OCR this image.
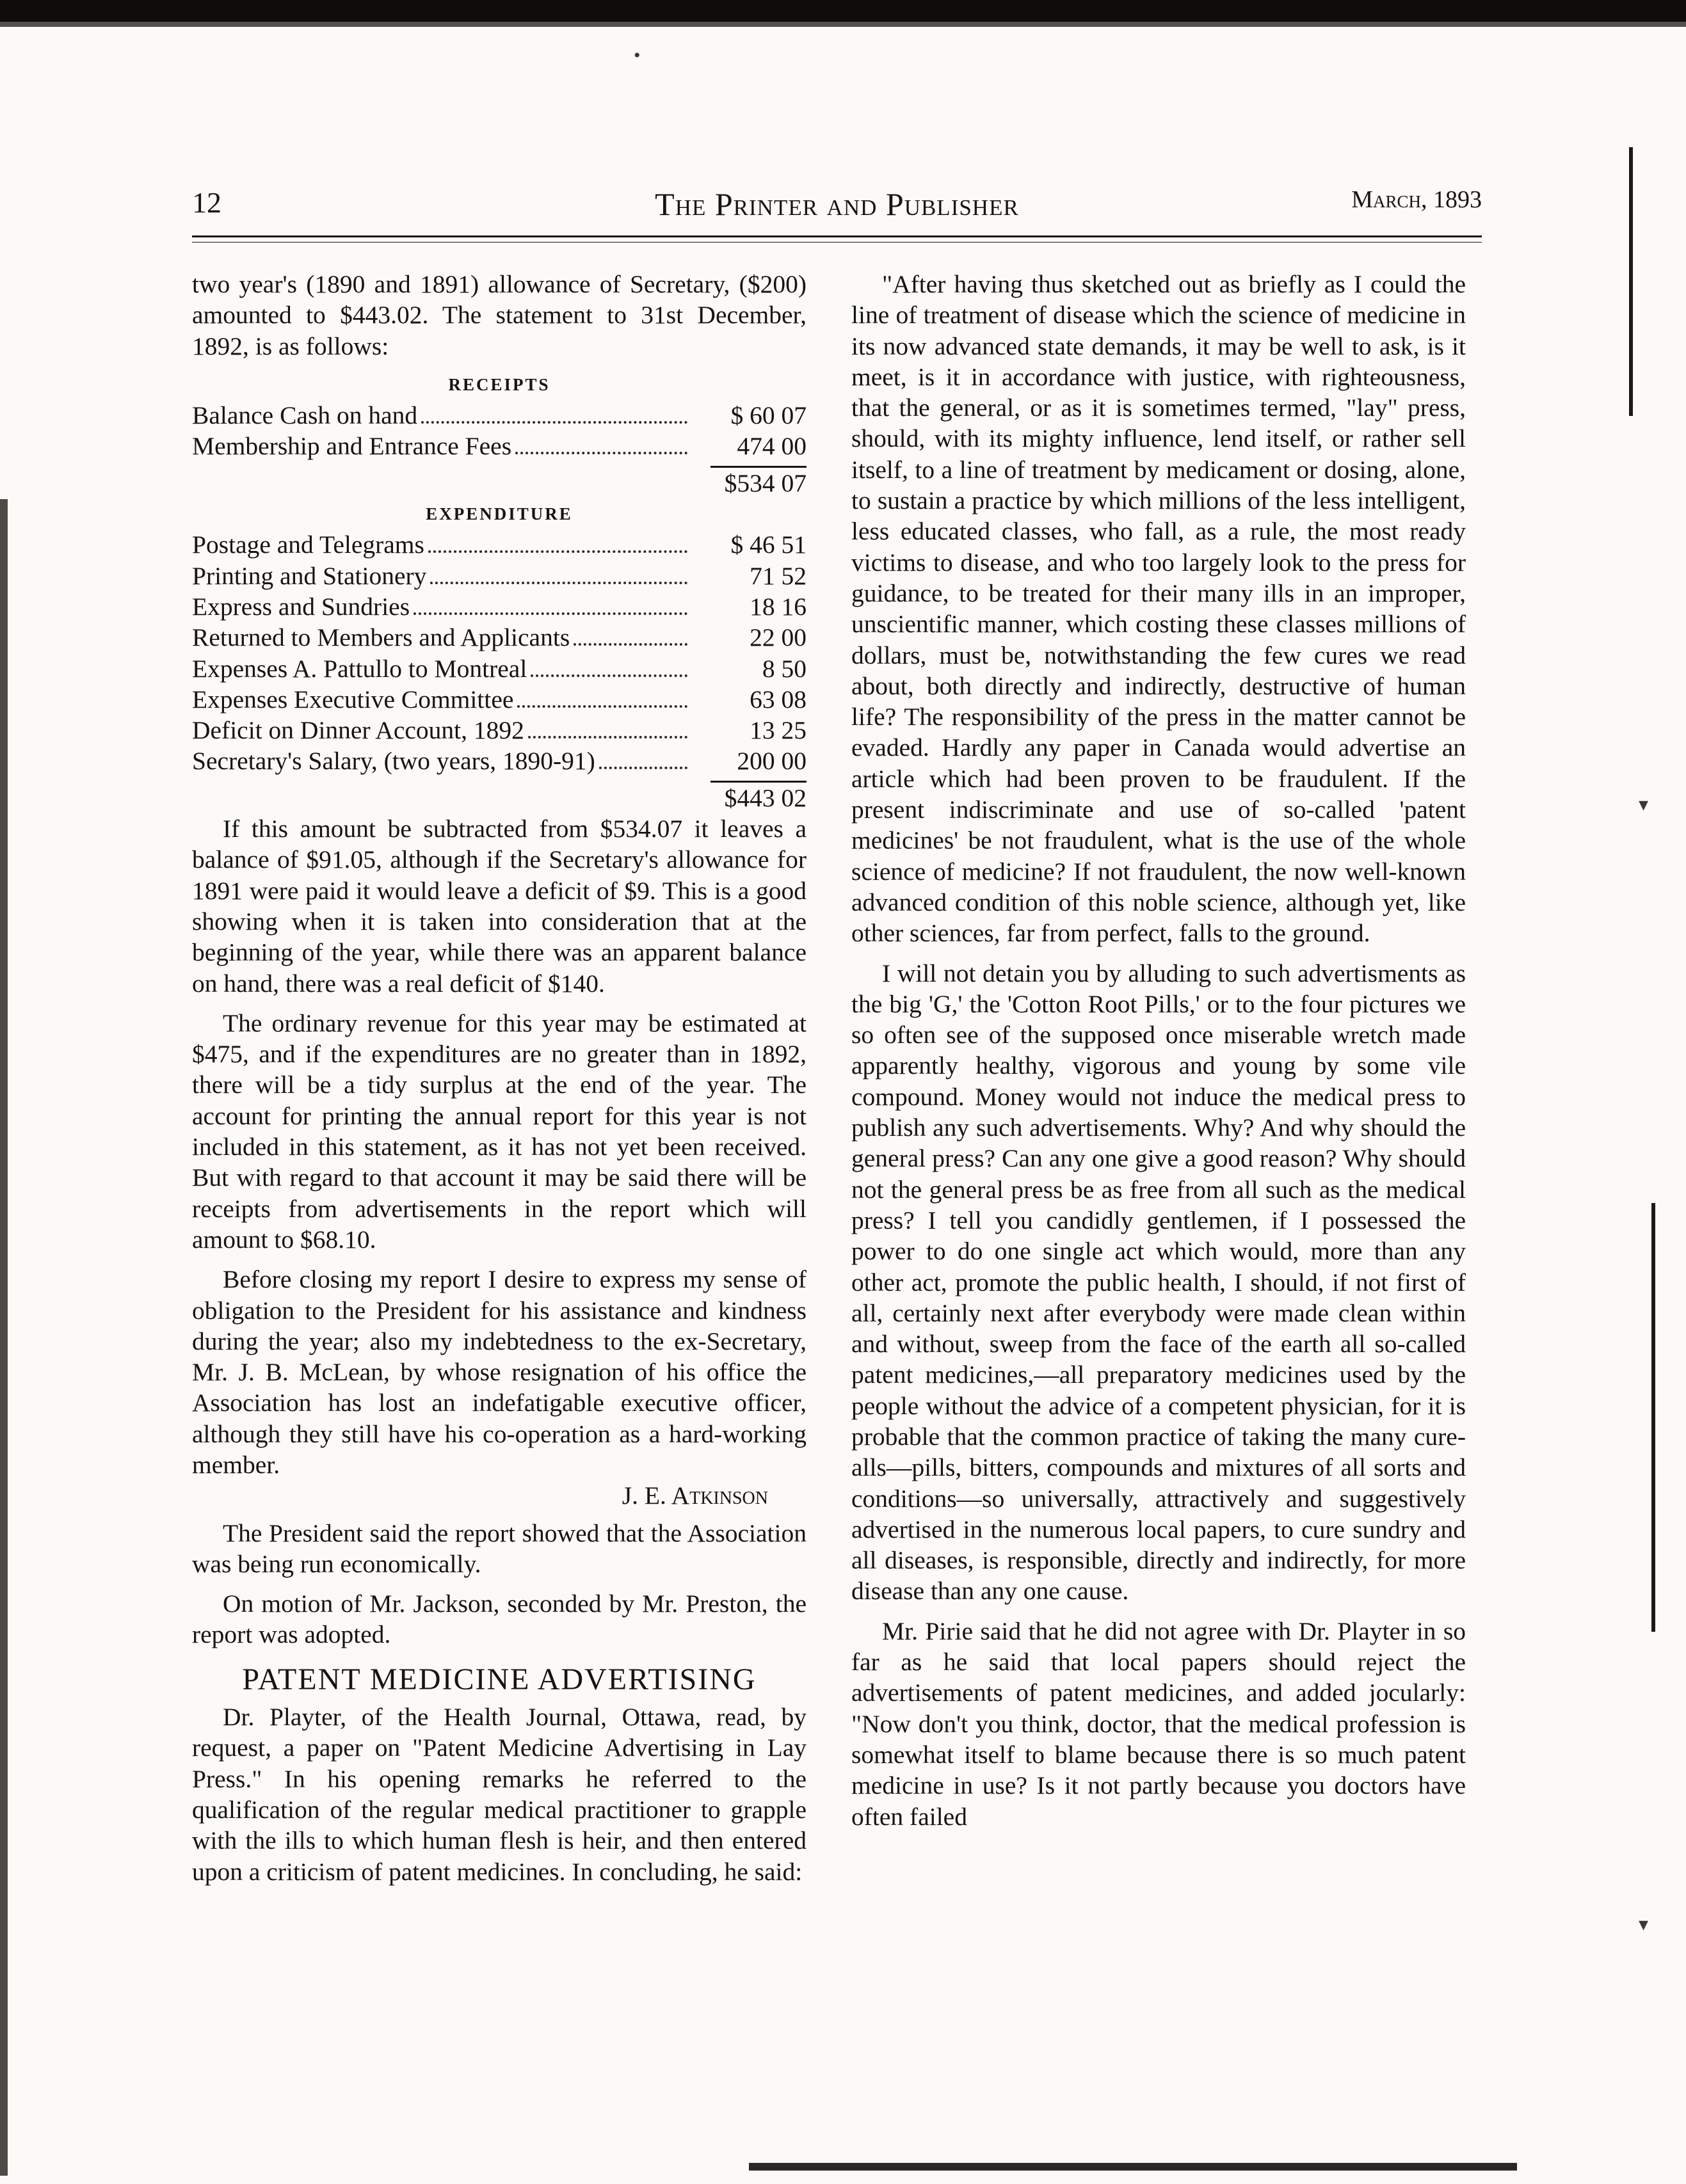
•
▾
▾
12	The Printer and Publisher	March, 1893

two year's (1890 and 1891) allowance of Secretary, ($200) amounted to $443.02. The statement to 31st December, 1892, is as follows:

RECEIPTS

Balance Cash on hand	$ 60 07
Membership and Entrance Fees	474 00

$534 07

EXPENDITURE

Postage and Telegrams	$ 46 51
Printing and Stationery	71 52
Express and Sundries	18 16
Returned to Members and Applicants	22 00
Expenses A. Pattullo to Montreal	8 50
Expenses Executive Committee	63 08
Deficit on Dinner Account, 1892	13 25
Secretary's Salary, (two years, 1890-91)	200 00

$443 02

If this amount be subtracted from $534.07 it leaves a balance of $91.05, although if the Secretary's allowance for 1891 were paid it would leave a deficit of $9. This is a good showing when it is taken into consideration that at the beginning of the year, while there was an apparent balance on hand, there was a real deficit of $140.

The ordinary revenue for this year may be estimated at $475, and if the expenditures are no greater than in 1892, there will be a tidy surplus at the end of the year. The account for printing the annual report for this year is not included in this statement, as it has not yet been received. But with regard to that account it may be said there will be receipts from advertisements in the report which will amount to $68.10.

Before closing my report I desire to express my sense of obligation to the President for his assistance and kindness during the year; also my indebtedness to the ex-Secretary, Mr. J. B. McLean, by whose resignation of his office the Association has lost an indefatigable executive officer, although they still have his co-operation as a hard-working member.

J. E. Atkinson

The President said the report showed that the Association was being run economically.

On motion of Mr. Jackson, seconded by Mr. Preston, the report was adopted.

PATENT MEDICINE ADVERTISING

Dr. Playter, of the Health Journal, Ottawa, read, by request, a paper on "Patent Medicine Advertising in Lay Press." In his opening remarks he referred to the qualification of the regular medical practitioner to grapple with the ills to which human flesh is heir, and then entered upon a criticism of patent medicines. In concluding, he said:

"After having thus sketched out as briefly as I could the line of treatment of disease which the science of medicine in its now advanced state demands, it may be well to ask, is it meet, is it in accordance with justice, with righteousness, that the general, or as it is sometimes termed, "lay" press, should, with its mighty influence, lend itself, or rather sell itself, to a line of treatment by medicament or dosing, alone, to sustain a practice by which millions of the less intelligent, less educated classes, who fall, as a rule, the most ready victims to disease, and who too largely look to the press for guidance, to be treated for their many ills in an improper, unscientific manner, which costing these classes millions of dollars, must be, notwithstanding the few cures we read about, both directly and indirectly, destructive of human life? The responsibility of the press in the matter cannot be evaded. Hardly any paper in Canada would advertise an article which had been proven to be fraudulent. If the present indiscriminate and use of so-called 'patent medicines' be not fraudulent, what is the use of the whole science of medicine? If not fraudulent, the now well-known advanced condition of this noble science, although yet, like other sciences, far from perfect, falls to the ground.

I will not detain you by alluding to such advertisments as the big 'G,' the 'Cotton Root Pills,' or to the four pictures we so often see of the supposed once miserable wretch made apparently healthy, vigorous and young by some vile compound. Money would not induce the medical press to publish any such advertisements. Why? And why should the general press? Can any one give a good reason? Why should not the general press be as free from all such as the medical press? I tell you candidly gentlemen, if I possessed the power to do one single act which would, more than any other act, promote the public health, I should, if not first of all, certainly next after everybody were made clean within and without, sweep from the face of the earth all so-called patent medicines,—all preparatory medicines used by the people without the advice of a competent physician, for it is probable that the common practice of taking the many cure-alls—pills, bitters, compounds and mixtures of all sorts and conditions—so universally, attractively and suggestively advertised in the numerous local papers, to cure sundry and all diseases, is responsible, directly and indirectly, for more disease than any one cause.

Mr. Pirie said that he did not agree with Dr. Playter in so far as he said that local papers should reject the advertisements of patent medicines, and added jocularly: "Now don't you think, doctor, that the medical profession is somewhat itself to blame because there is so much patent medicine in use? Is it not partly because you doctors have often failed
